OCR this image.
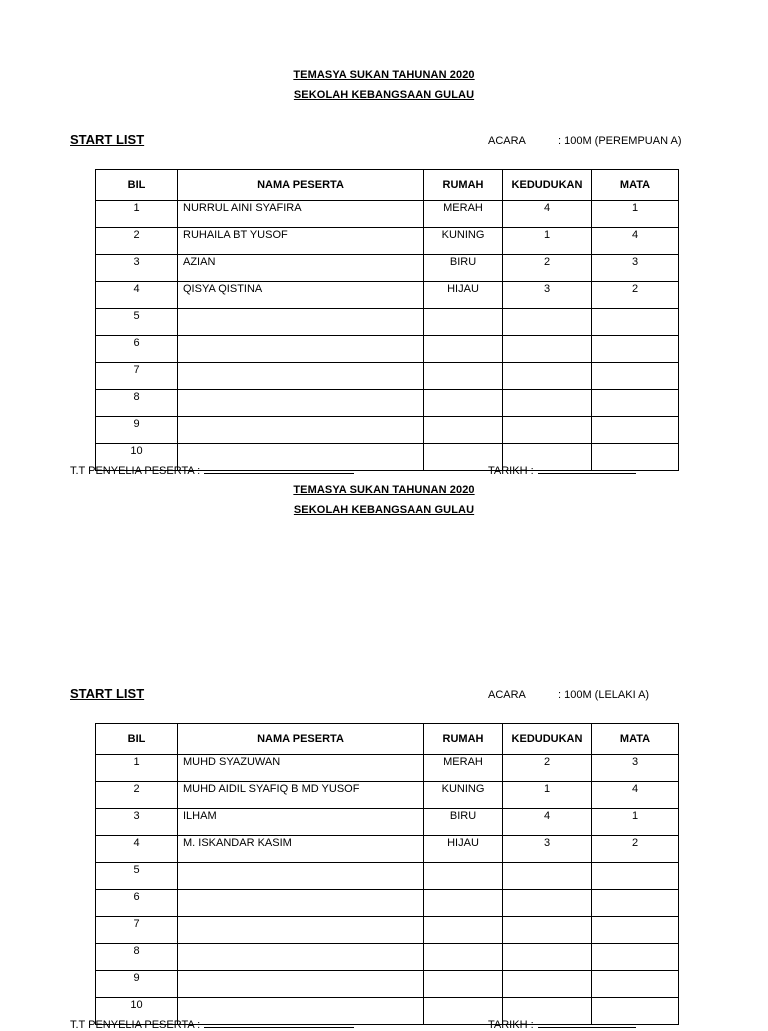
TEMASYA SUKAN TAHUNAN 2020
SEKOLAH KEBANGSAAN GULAU
START LIST	ACARA	: 100M (PEREMPUAN A)
BIL	NAMA PESERTA	RUMAH	KEDUDUKAN	MATA
1	NURRUL AINI SYAFIRA	MERAH	4	1
2	RUHAILA BT YUSOF	KUNING	1	4
3	AZIAN	BIRU	2	3
4	QISYA QISTINA	HIJAU	3	2
5				
6				
7				
8				
9				
10				
T.T PENYELIA PESERTA :	TARIKH :
TEMASYA SUKAN TAHUNAN 2020
SEKOLAH KEBANGSAAN GULAU
START LIST	ACARA	: 100M (LELAKI A)
BIL	NAMA PESERTA	RUMAH	KEDUDUKAN	MATA
1	MUHD SYAZUWAN	MERAH	2	3
2	MUHD AIDIL SYAFIQ B MD YUSOF	KUNING	1	4
3	ILHAM	BIRU	4	1
4	M. ISKANDAR KASIM	HIJAU	3	2
5				
6				
7				
8				
9				
10				
T.T PENYELIA PESERTA :	TARIKH :
